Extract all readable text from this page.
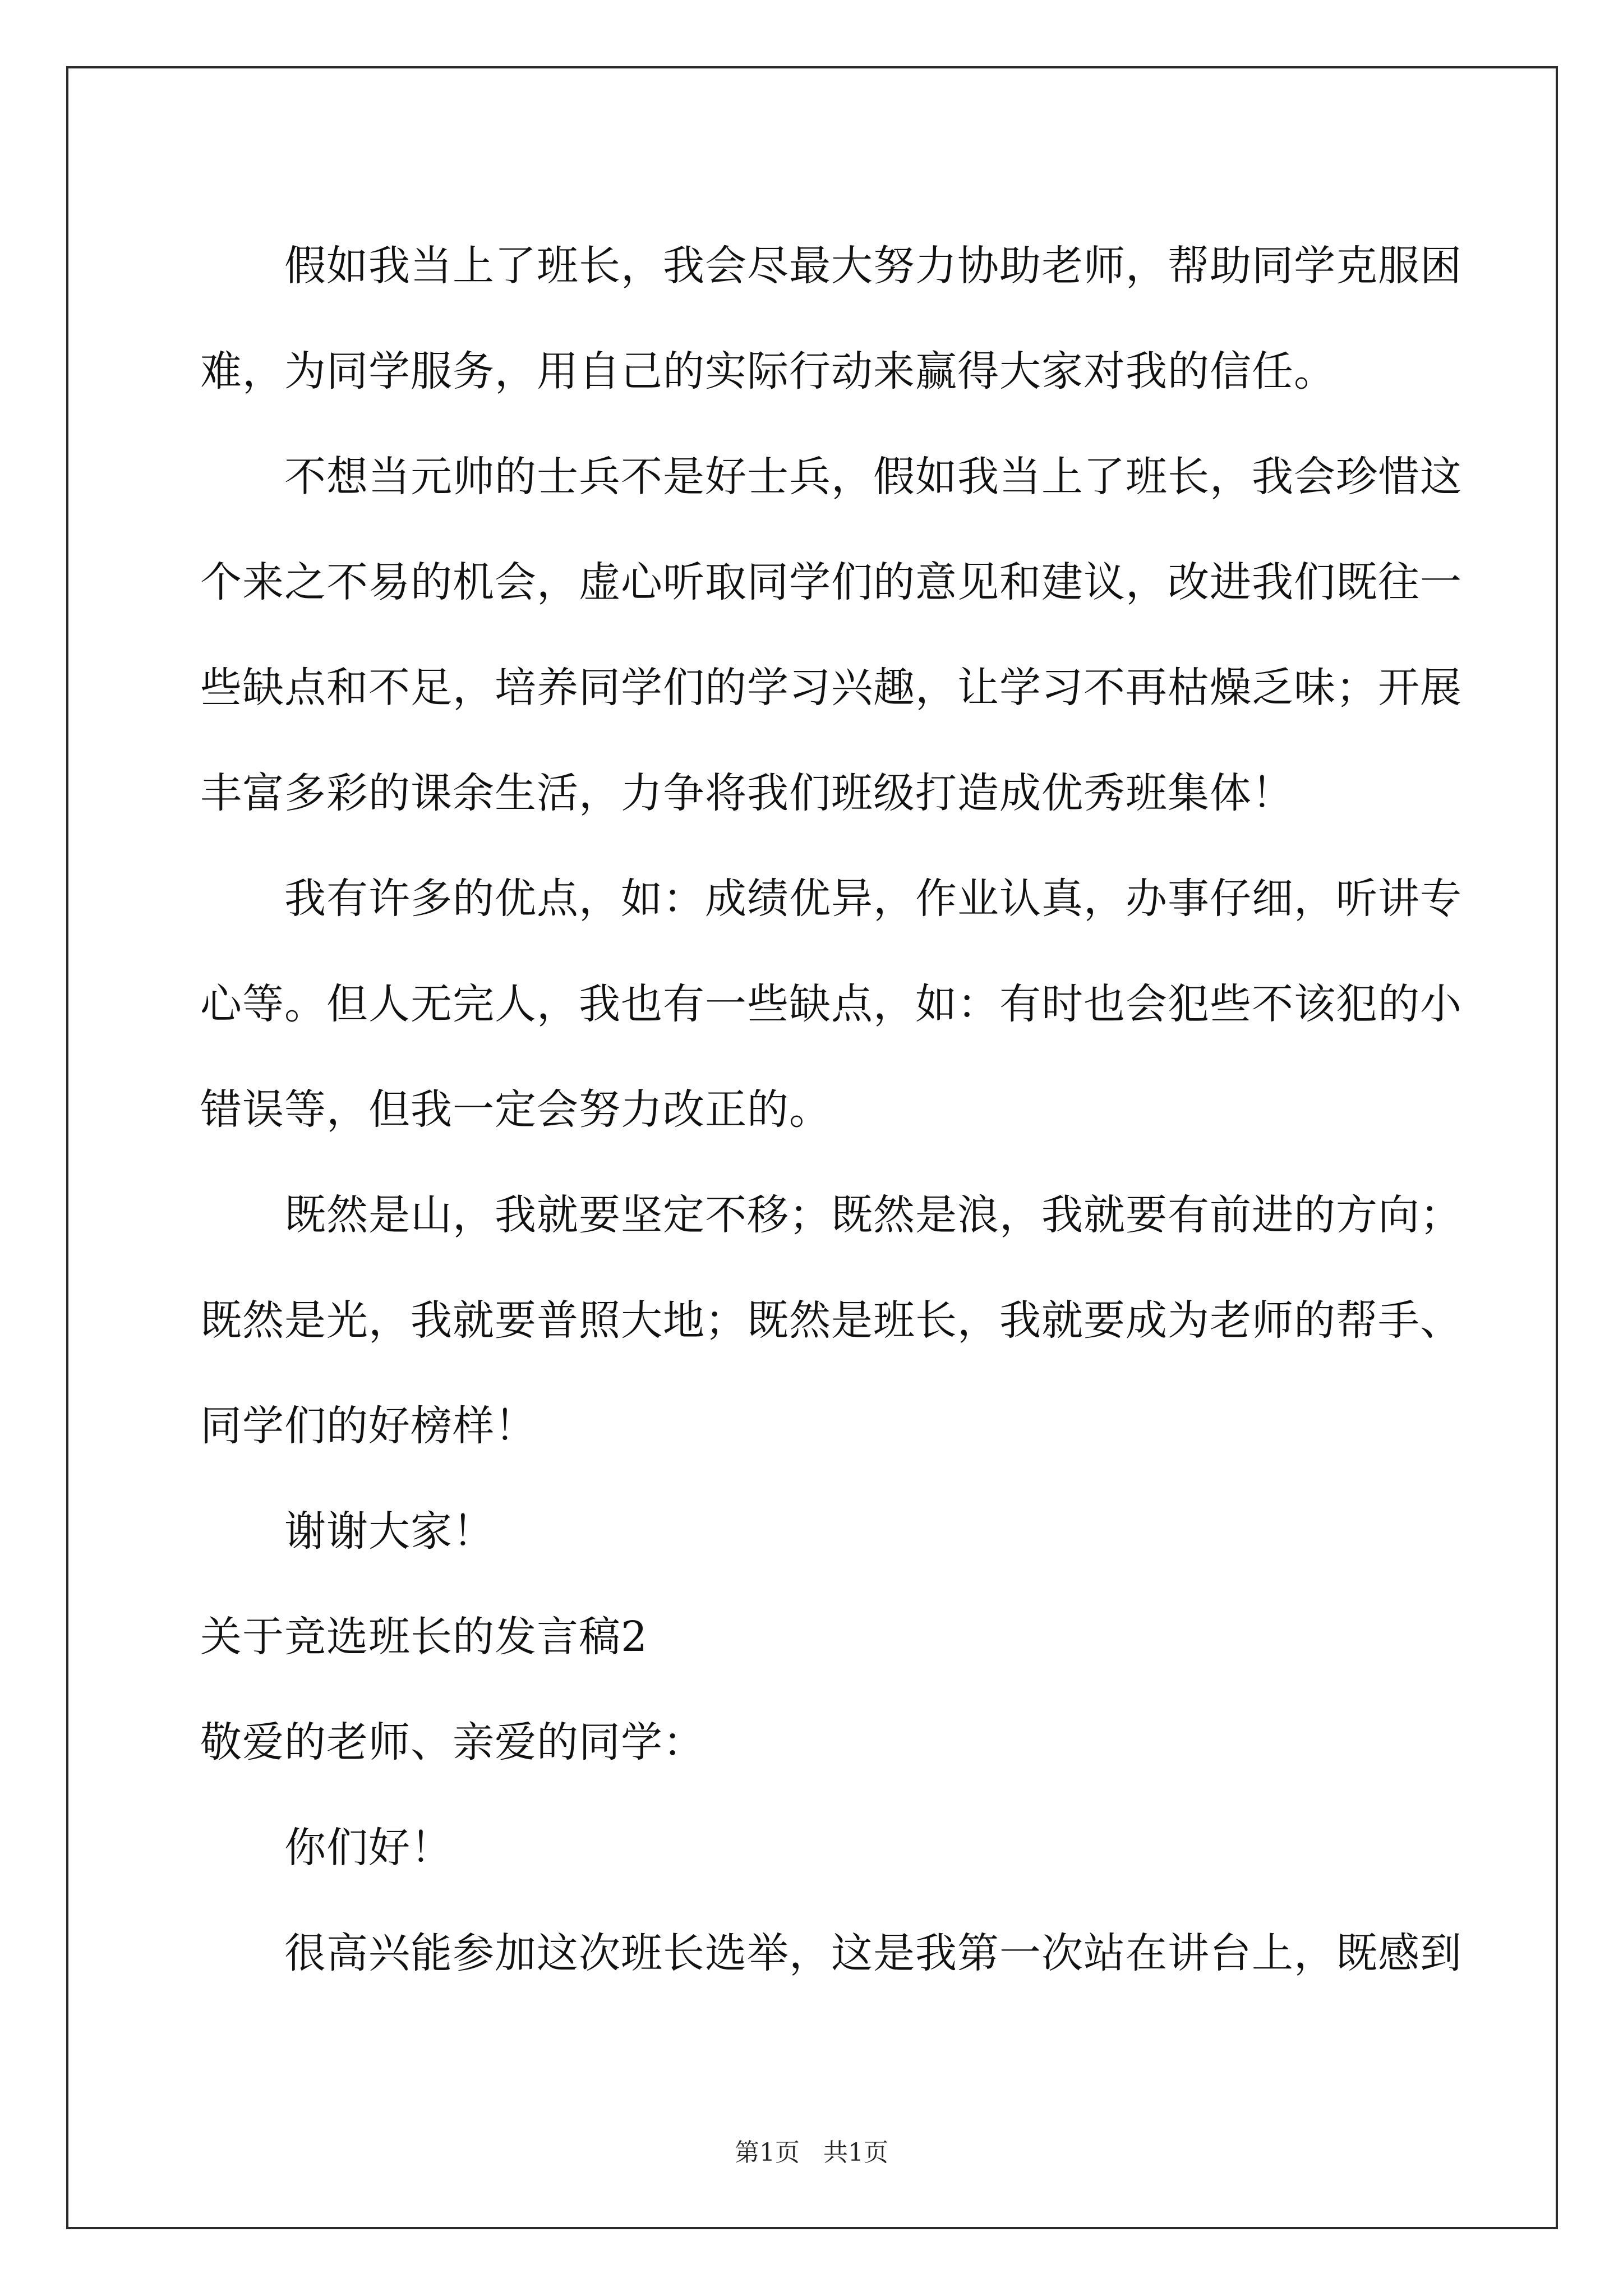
假如我当上了班长，我会尽最大努力协助老师，帮助同学克服困
难，为同学服务，用自己的实际行动来赢得大家对我的信任。
不想当元帅的士兵不是好士兵，假如我当上了班长，我会珍惜这
个来之不易的机会，虚心听取同学们的意见和建议，改进我们既往一
些缺点和不足，培养同学们的学习兴趣，让学习不再枯燥乏味；开展
丰富多彩的课余生活，力争将我们班级打造成优秀班集体！
我有许多的优点，如：成绩优异，作业认真，办事仔细，听讲专
心等。但人无完人，我也有一些缺点，如：有时也会犯些不该犯的小
错误等，但我一定会努力改正的。
既然是山，我就要坚定不移；既然是浪，我就要有前进的方向；
既然是光，我就要普照大地；既然是班长，我就要成为老师的帮手、
同学们的好榜样！
谢谢大家！
关于竞选班长的发言稿2
敬爱的老师、亲爱的同学：
你们好！
很高兴能参加这次班长选举，这是我第一次站在讲台上，既感到
第1页   共1页
